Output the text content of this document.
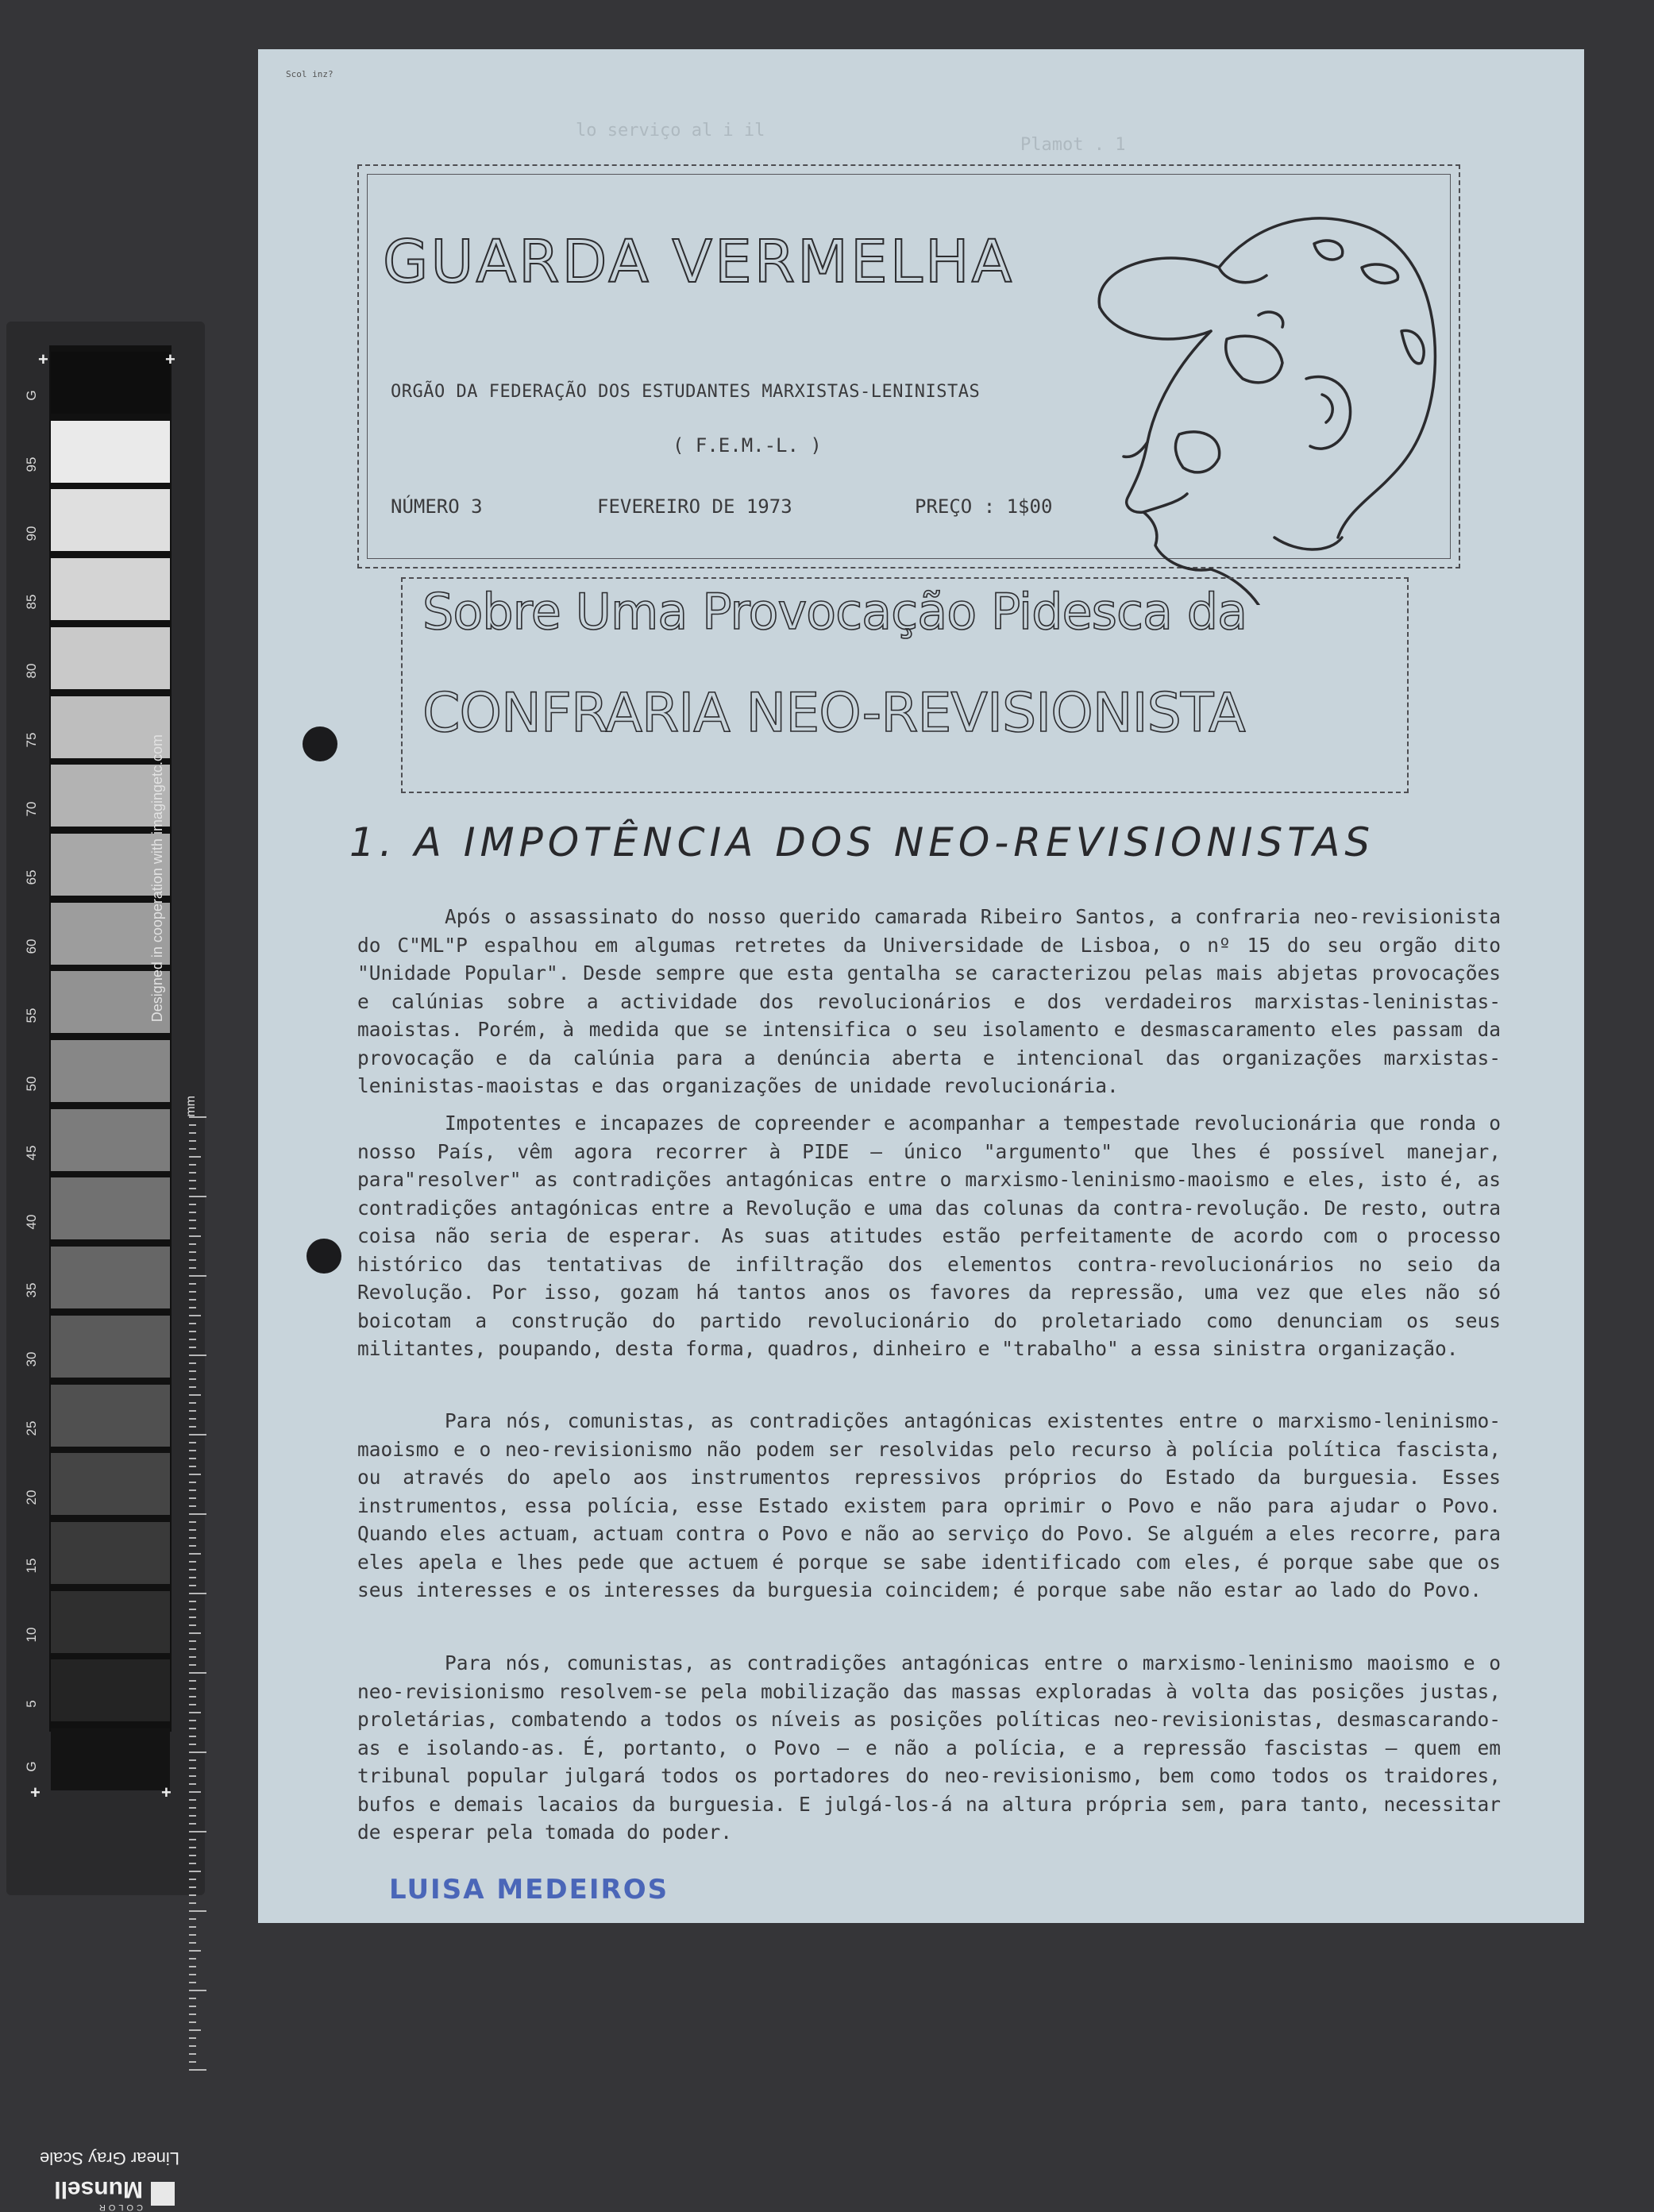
Designed in cooperation with imagingetc.com
mm
+	+
+	+
G
G
Linear Gray Scale
COLOR
Munsell
95
90
85
80
75
70
65
60
55
50
45
40
35
30
25
20
15
10
5
Scol inz?
lo serviço al i il
Plamot . 1
GUARDA VERMELHA
ORGÃO DA FEDERAÇÃO DOS ESTUDANTES MARXISTAS-LENINISTAS
( F.E.M.-L. )
NÚMERO 3	FEVEREIRO DE 1973	PREÇO : 1$00
Sobre Uma Provocação Pidesca da
CONFRARIA NEO-REVISIONISTA
1. A IMPOTÊNCIA DOS NEO-REVISIONISTAS

Após o assassinato do nosso querido camarada Ribeiro Santos, a confraria neo-revisionista do C"ML"P espalhou em algumas retretes da Universidade de Lisboa, o nº 15 do seu orgão dito "Unidade Popular". Desde sempre que esta gentalha se caracterizou pelas mais abjetas provocações e calúnias sobre a actividade dos revolucionários e dos verdadeiros marxistas-leninistas-maoistas. Porém, à medida que se intensifica o seu isolamento e desmascaramento eles passam da provocação e da calúnia para a denúncia aberta e intencional das organizações marxistas-leninistas-maoistas e das organizações de unidade revolucionária.

Impotentes e incapazes de copreender e acompanhar a tempestade revolucionária que ronda o nosso País, vêm agora recorrer à PIDE — único "argumento" que lhes é possível manejar, para"resolver" as contradições antagónicas entre o marxismo-leninismo-maoismo e eles, isto é, as contradições antagónicas entre a Revolução e uma das colunas da contra-revolução. De resto, outra coisa não seria de esperar. As suas atitudes estão perfeitamente de acordo com o processo histórico das tentativas de infiltração dos elementos contra-revolucionários no seio da Revolução. Por isso, gozam há tantos anos os favores da repressão, uma vez que eles não só boicotam a construção do partido revolucionário do proletariado como denunciam os seus militantes, poupando, desta forma, quadros, dinheiro e "trabalho" a essa sinistra organização.

Para nós, comunistas, as contradições antagónicas existentes entre o marxismo-leninismo-maoismo e o neo-revisionismo não podem ser resolvidas pelo recurso à polícia política fascista, ou através do apelo aos instrumentos repressivos próprios do Estado da burguesia. Esses instrumentos, essa polícia, esse Estado existem para oprimir o Povo e não para ajudar o Povo. Quando eles actuam, actuam contra o Povo e não ao serviço do Povo. Se alguém a eles recorre, para eles apela e lhes pede que actuem é porque se sabe identificado com eles, é porque sabe que os seus interesses e os interesses da burguesia coincidem; é porque sabe não estar ao lado do Povo.

Para nós, comunistas, as contradições antagónicas entre o marxismo-leninismo maoismo e o neo-revisionismo resolvem-se pela mobilização das massas exploradas à volta das posições justas, proletárias, combatendo a todos os níveis as posições políticas neo-revisionistas, desmascarando-as e isolando-as. É, portanto, o Povo — e não a polícia, e a repressão fascistas — quem em tribunal popular julgará todos os portadores do neo-revisionismo, bem como todos os traidores, bufos e demais lacaios da burguesia. E julgá-los-á na altura própria sem, para tanto, necessitar de esperar pela tomada do poder.

LUISA MEDEIROS
